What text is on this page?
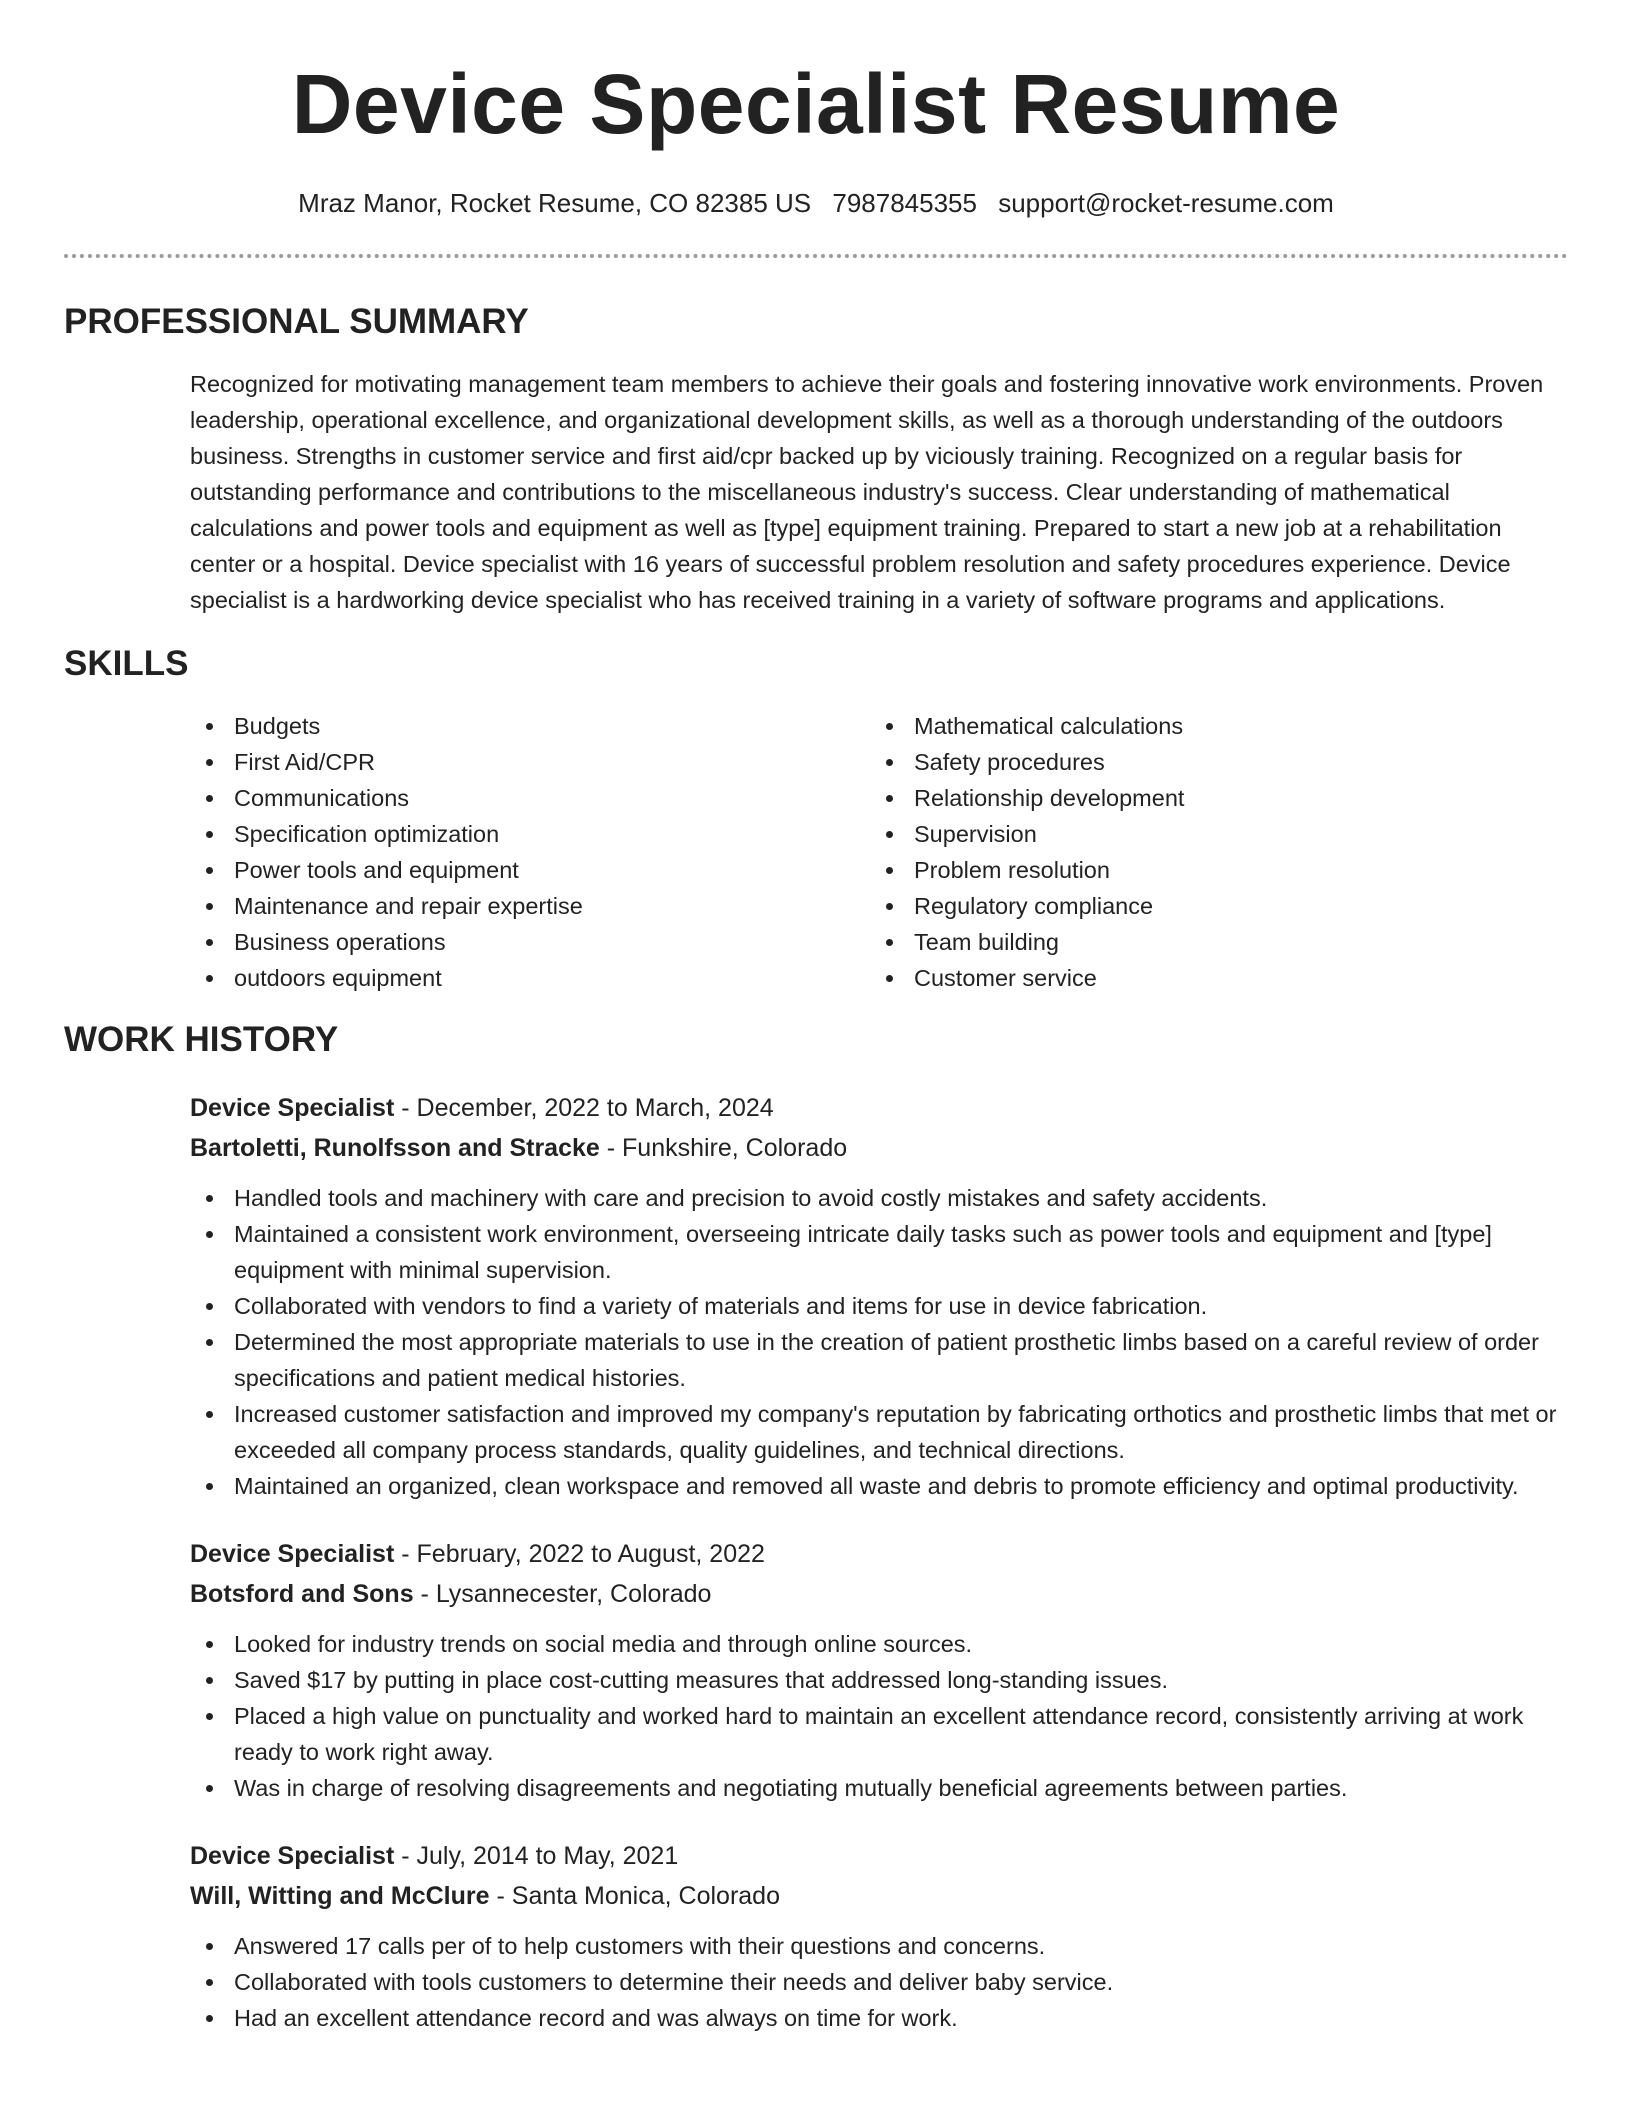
Device Specialist Resume
Mraz Manor, Rocket Resume, CO 82385 US 7987845355 support@rocket-resume.com
PROFESSIONAL SUMMARY
Recognized for motivating management team members to achieve their goals and fostering innovative work environments. Proven leadership, operational excellence, and organizational development skills, as well as a thorough understanding of the outdoors business. Strengths in customer service and first aid/cpr backed up by viciously training. Recognized on a regular basis for outstanding performance and contributions to the miscellaneous industry's success. Clear understanding of mathematical calculations and power tools and equipment as well as [type] equipment training. Prepared to start a new job at a rehabilitation center or a hospital. Device specialist with 16 years of successful problem resolution and safety procedures experience. Device specialist is a hardworking device specialist who has received training in a variety of software programs and applications.
SKILLS
Budgets
First Aid/CPR
Communications
Specification optimization
Power tools and equipment
Maintenance and repair expertise
Business operations
outdoors equipment
Mathematical calculations
Safety procedures
Relationship development
Supervision
Problem resolution
Regulatory compliance
Team building
Customer service
WORK HISTORY
Device Specialist - December, 2022 to March, 2024
Bartoletti, Runolfsson and Stracke - Funkshire, Colorado
Handled tools and machinery with care and precision to avoid costly mistakes and safety accidents.
Maintained a consistent work environment, overseeing intricate daily tasks such as power tools and equipment and [type] equipment with minimal supervision.
Collaborated with vendors to find a variety of materials and items for use in device fabrication.
Determined the most appropriate materials to use in the creation of patient prosthetic limbs based on a careful review of order specifications and patient medical histories.
Increased customer satisfaction and improved my company's reputation by fabricating orthotics and prosthetic limbs that met or exceeded all company process standards, quality guidelines, and technical directions.
Maintained an organized, clean workspace and removed all waste and debris to promote efficiency and optimal productivity.
Device Specialist - February, 2022 to August, 2022
Botsford and Sons - Lysannecester, Colorado
Looked for industry trends on social media and through online sources.
Saved $17 by putting in place cost-cutting measures that addressed long-standing issues.
Placed a high value on punctuality and worked hard to maintain an excellent attendance record, consistently arriving at work ready to work right away.
Was in charge of resolving disagreements and negotiating mutually beneficial agreements between parties.
Device Specialist - July, 2014 to May, 2021
Will, Witting and McClure - Santa Monica, Colorado
Answered 17 calls per of to help customers with their questions and concerns.
Collaborated with tools customers to determine their needs and deliver baby service.
Had an excellent attendance record and was always on time for work.
